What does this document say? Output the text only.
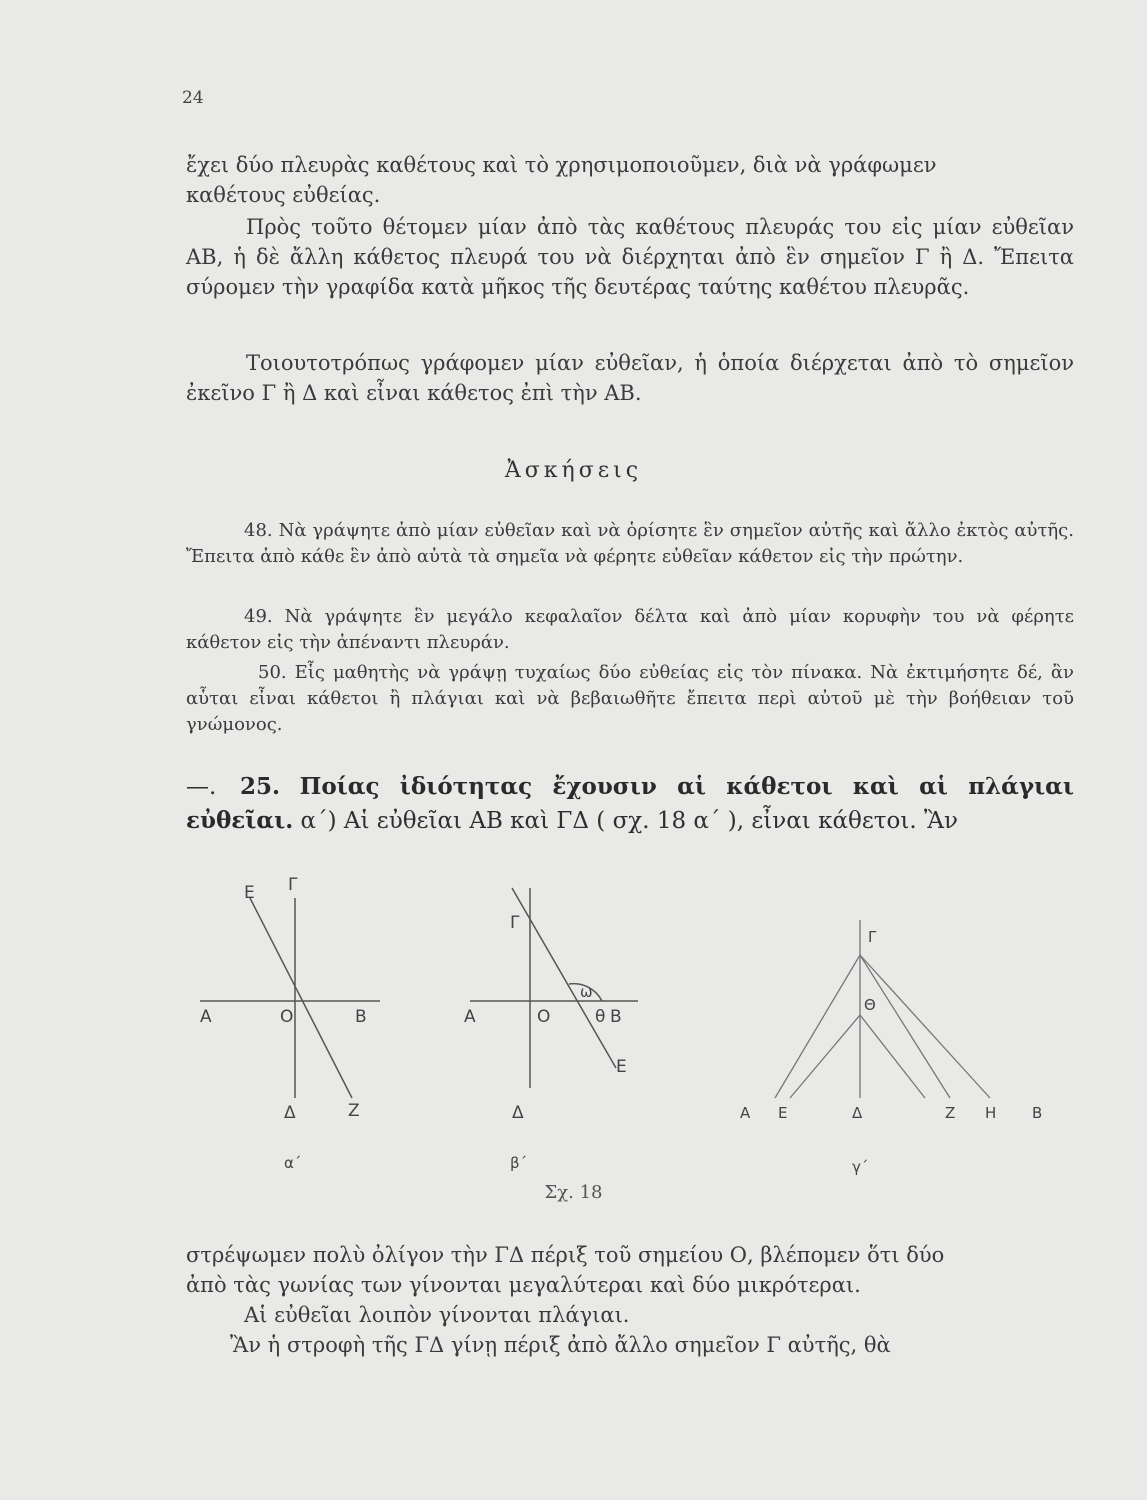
24
ἔχει δύο πλευρὰς καθέτους καὶ τὸ χρησιμοποιοῦμεν, διὰ νὰ γράφωμεν
καθέτους εὐθείας.
Πρὸς τοῦτο θέτομεν μίαν ἀπὸ τὰς καθέτους πλευράς του εἰς μίαν εὐθεῖαν ΑΒ, ἡ δὲ ἄλλη κάθετος πλευρά του νὰ διέρχηται ἀπὸ ἓν σημεῖον Γ ἢ Δ. Ἔπειτα σύρομεν τὴν γραφίδα κατὰ μῆκος τῆς δευτέρας ταύτης καθέτου πλευρᾶς.
Τοιουτοτρόπως γράφομεν μίαν εὐθεῖαν, ἡ ὁποία διέρχεται ἀπὸ τὸ σημεῖον ἐκεῖνο Γ ἢ Δ καὶ εἶναι κάθετος ἐπὶ τὴν ΑΒ.
Ἀσκήσεις
48. Νὰ γράψητε ἀπὸ μίαν εὐθεῖαν καὶ νὰ ὁρίσητε ἓν σημεῖον αὐτῆς καὶ ἄλλο ἐκτὸς αὐτῆς. Ἔπειτα ἀπὸ κάθε ἓν ἀπὸ αὐτὰ τὰ σημεῖα νὰ φέρητε εὐθεῖαν κάθετον εἰς τὴν πρώτην.
49. Νὰ γράψητε ἓν μεγάλο κεφαλαῖον δέλτα καὶ ἀπὸ μίαν κορυφὴν του νὰ φέρητε κάθετον εἰς τὴν ἀπέναντι πλευράν.
50. Εἷς μαθητὴς νὰ γράψῃ τυχαίως δύο εὐθείας εἰς τὸν πίνακα. Νὰ ἐκτιμήσητε δέ, ἂν αὗται εἶναι κάθετοι ἢ πλάγιαι καὶ νὰ βεβαιωθῆτε ἔπειτα περὶ αὐτοῦ μὲ τὴν βοήθειαν τοῦ γνώμονος.
—. 25. Ποίας ἰδιότητας ἔχουσιν αἱ κάθετοι καὶ αἱ πλάγιαι εὐθεῖαι. α΄) Αἱ εὐθεῖαι ΑΒ καὶ ΓΔ ( σχ. 18 α΄ ), εἶναι κάθετοι. Ἂν
Ε Γ
Α	Ο	Β
Δ	Ζ
α΄
Γ
Α	Ο
ω
θ Β
Ε
Δ
β΄
Γ
Θ
Α Ε	Δ	Ζ Η Β
γ΄
Σχ. 18
στρέψωμεν πολὺ ὀλίγον τὴν ΓΔ πέριξ τοῦ σημείου Ο, βλέπομεν ὅτι δύο
ἀπὸ τὰς γωνίας των γίνονται μεγαλύτεραι καὶ δύο μικρότεραι.
Αἱ εὐθεῖαι λοιπὸν γίνονται πλάγιαι.
Ἂν ἡ στροφὴ τῆς ΓΔ γίνῃ πέριξ ἀπὸ ἄλλο σημεῖον Γ αὐτῆς, θὰ
